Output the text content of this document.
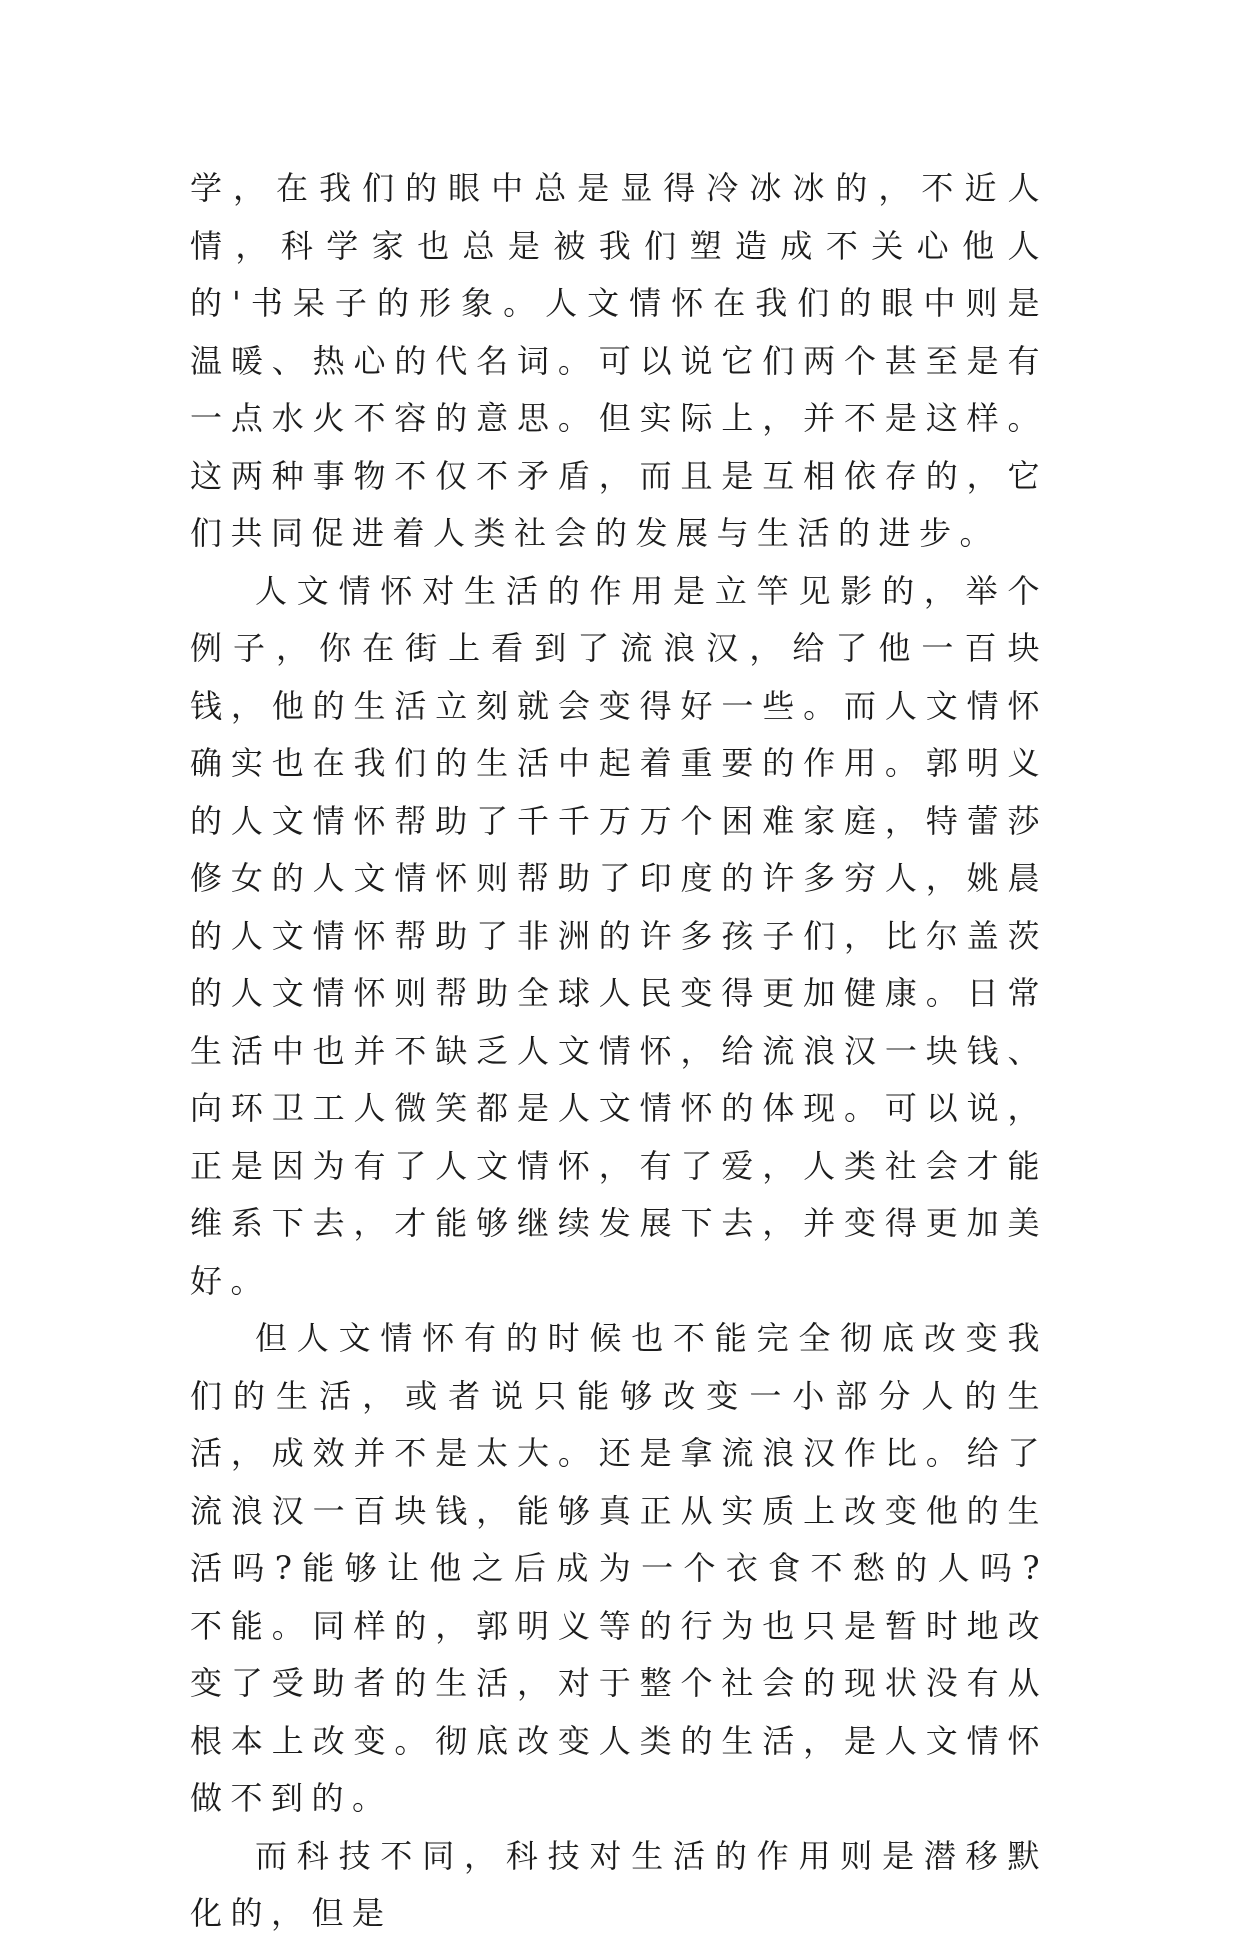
学，在我们的眼中总是显得冷冰冰的，不近人情，科学家也总是被我们塑造成不关心他人的'书呆子的形象。人文情怀在我们的眼中则是温暖、热心的代名词。可以说它们两个甚至是有一点水火不容的意思。但实际上，并不是这样。这两种事物不仅不矛盾，而且是互相依存的，它们共同促进着人类社会的发展与生活的进步。

人文情怀对生活的作用是立竿见影的，举个例子，你在街上看到了流浪汉，给了他一百块钱，他的生活立刻就会变得好一些。而人文情怀确实也在我们的生活中起着重要的作用。郭明义的人文情怀帮助了千千万万个困难家庭，特蕾莎修女的人文情怀则帮助了印度的许多穷人，姚晨的人文情怀帮助了非洲的许多孩子们，比尔盖茨的人文情怀则帮助全球人民变得更加健康。日常生活中也并不缺乏人文情怀，给流浪汉一块钱、向环卫工人微笑都是人文情怀的体现。可以说，正是因为有了人文情怀，有了爱，人类社会才能维系下去，才能够继续发展下去，并变得更加美好。

但人文情怀有的时候也不能完全彻底改变我们的生活，或者说只能够改变一小部分人的生活，成效并不是太大。还是拿流浪汉作比。给了流浪汉一百块钱，能够真正从实质上改变他的生活吗?能够让他之后成为一个衣食不愁的人吗?不能。同样的，郭明义等的行为也只是暂时地改变了受助者的生活，对于整个社会的现状没有从根本上改变。彻底改变人类的生活，是人文情怀做不到的。

而科技不同，科技对生活的作用则是潜移默化的，但是
